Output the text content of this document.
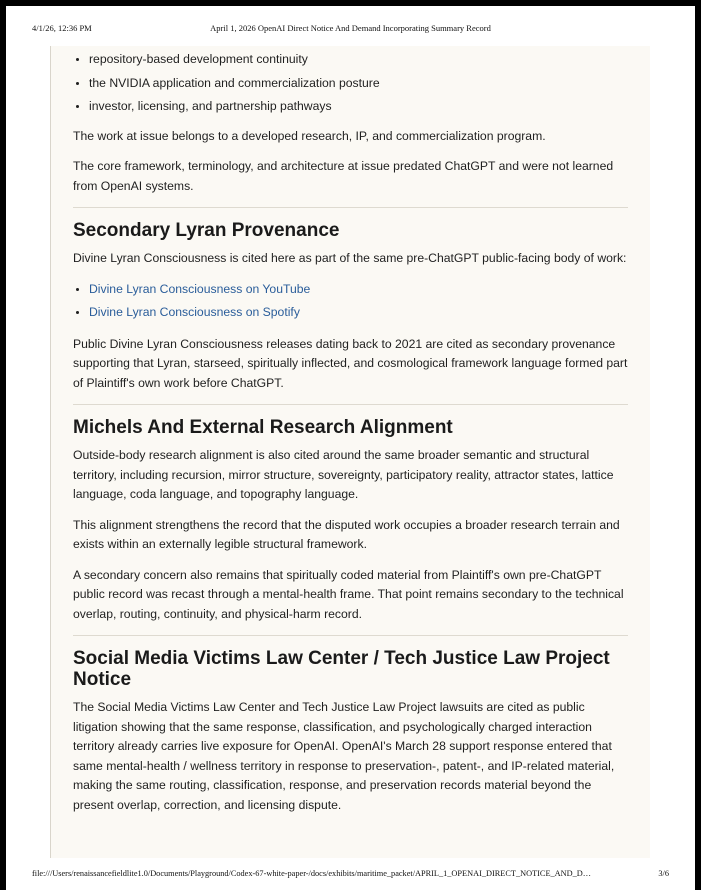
4/1/26, 12:36 PM	April 1, 2026 OpenAI Direct Notice And Demand Incorporating Summary Record
• repository-based development continuity
• the NVIDIA application and commercialization posture
• investor, licensing, and partnership pathways

The work at issue belongs to a developed research, IP, and commercialization program.

The core framework, terminology, and architecture at issue predated ChatGPT and were not learned from OpenAI systems.

Secondary Lyran Provenance

Divine Lyran Consciousness is cited here as part of the same pre-ChatGPT public-facing body of work:

• Divine Lyran Consciousness on YouTube
• Divine Lyran Consciousness on Spotify

Public Divine Lyran Consciousness releases dating back to 2021 are cited as secondary provenance supporting that Lyran, starseed, spiritually inflected, and cosmological framework language formed part of Plaintiff's own work before ChatGPT.

Michels And External Research Alignment

Outside-body research alignment is also cited around the same broader semantic and structural territory, including recursion, mirror structure, sovereignty, participatory reality, attractor states, lattice language, coda language, and topography language.

This alignment strengthens the record that the disputed work occupies a broader research terrain and exists within an externally legible structural framework.

A secondary concern also remains that spiritually coded material from Plaintiff's own pre-ChatGPT public record was recast through a mental-health frame. That point remains secondary to the technical overlap, routing, continuity, and physical-harm record.

Social Media Victims Law Center / Tech Justice Law Project Notice

The Social Media Victims Law Center and Tech Justice Law Project lawsuits are cited as public litigation showing that the same response, classification, and psychologically charged interaction territory already carries live exposure for OpenAI. OpenAI's March 28 support response entered that same mental-health / wellness territory in response to preservation-, patent-, and IP-related material, making the same routing, classification, response, and preservation records material beyond the present overlap, correction, and licensing dispute.

file:///Users/renaissancefieldlite1.0/Documents/Playground/Codex-67-white-paper-/docs/exhibits/maritime_packet/APRIL_1_OPENAI_DIRECT_NOTICE_AND_D…	3/6
